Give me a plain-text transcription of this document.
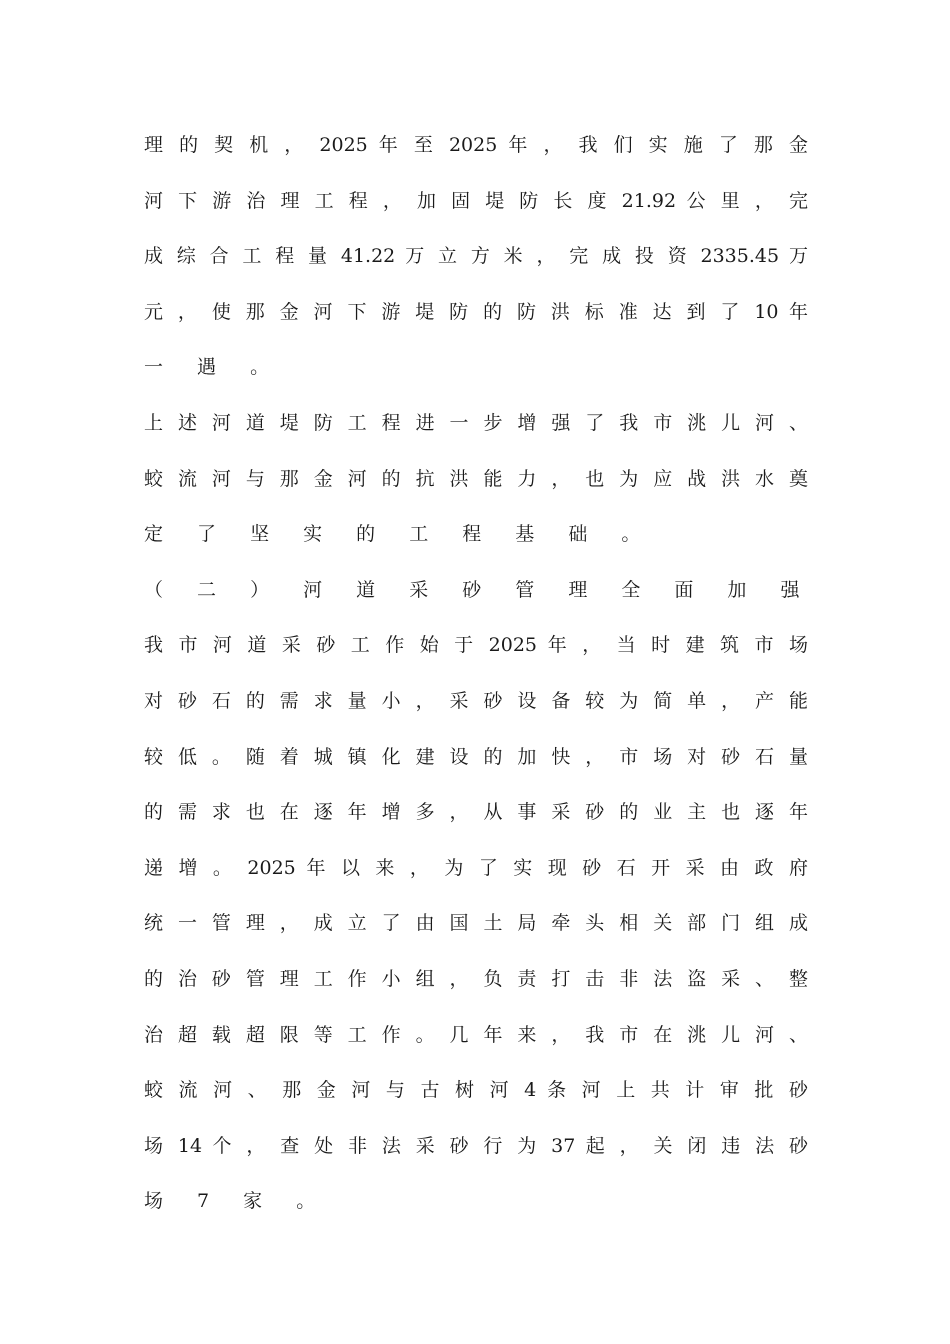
理 的 契 机 ， 2025 年 至 2025 年 ， 我 们 实 施 了 那 金
河 下 游 治 理 工 程 ， 加 固 堤 防 长 度 21.92 公 里 ， 完
成 综 合 工 程 量 41.22 万 立 方 米 ， 完 成 投 资 2335.45 万
元 ， 使 那 金 河 下 游 堤 防 的 防 洪 标 准 达 到 了 10 年
一 遇 。
上 述 河 道 堤 防 工 程 进 一 步 增 强 了 我 市 洮 儿 河 、
蛟 流 河 与 那 金 河 的 抗 洪 能 力 ， 也 为 应 战 洪 水 奠
定 了 坚 实 的 工 程 基 础 。
（ 二 ） 河 道 采 砂 管 理 全 面 加 强
我 市 河 道 采 砂 工 作 始 于 2025 年 ， 当 时 建 筑 市 场
对 砂 石 的 需 求 量 小 ， 采 砂 设 备 较 为 简 单 ， 产 能
较 低 。 随 着 城 镇 化 建 设 的 加 快 ， 市 场 对 砂 石 量
的 需 求 也 在 逐 年 增 多 ， 从 事 采 砂 的 业 主 也 逐 年
递 增 。 2025 年 以 来 ， 为 了 实 现 砂 石 开 采 由 政 府
统 一 管 理 ， 成 立 了 由 国 土 局 牵 头 相 关 部 门 组 成
的 治 砂 管 理 工 作 小 组 ， 负 责 打 击 非 法 盗 采 、 整
治 超 载 超 限 等 工 作 。 几 年 来 ， 我 市 在 洮 儿 河 、
蛟 流 河 、 那 金 河 与 古 树 河 4 条 河 上 共 计 审 批 砂
场 14 个 ， 查 处 非 法 采 砂 行 为 37 起 ， 关 闭 违 法 砂
场 7 家 。
